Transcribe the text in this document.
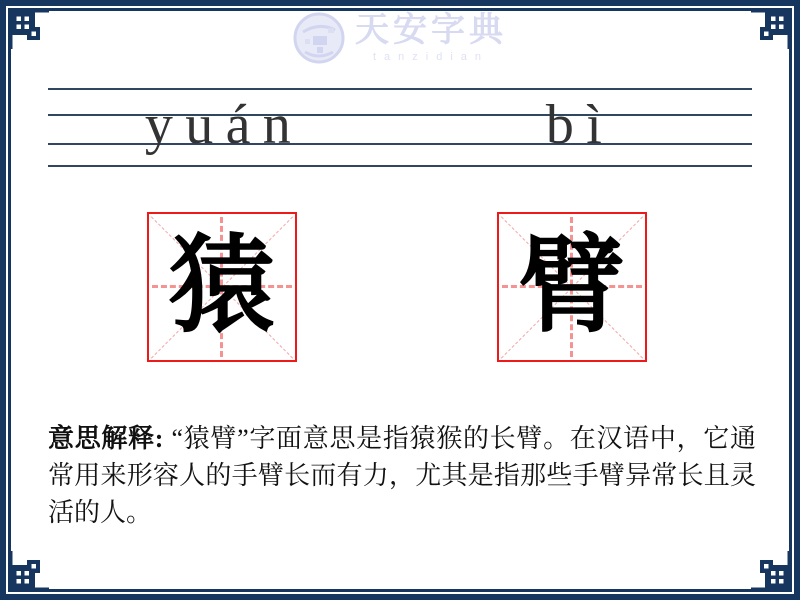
天安字典
tanzidian
yuán	bì
猿 臂
意思解释: “猿臂”字面意思是指猿猴的长臂。在汉语中，它通常用来形容人的手臂长而有力，尤其是指那些手臂异常长且灵活的人。
